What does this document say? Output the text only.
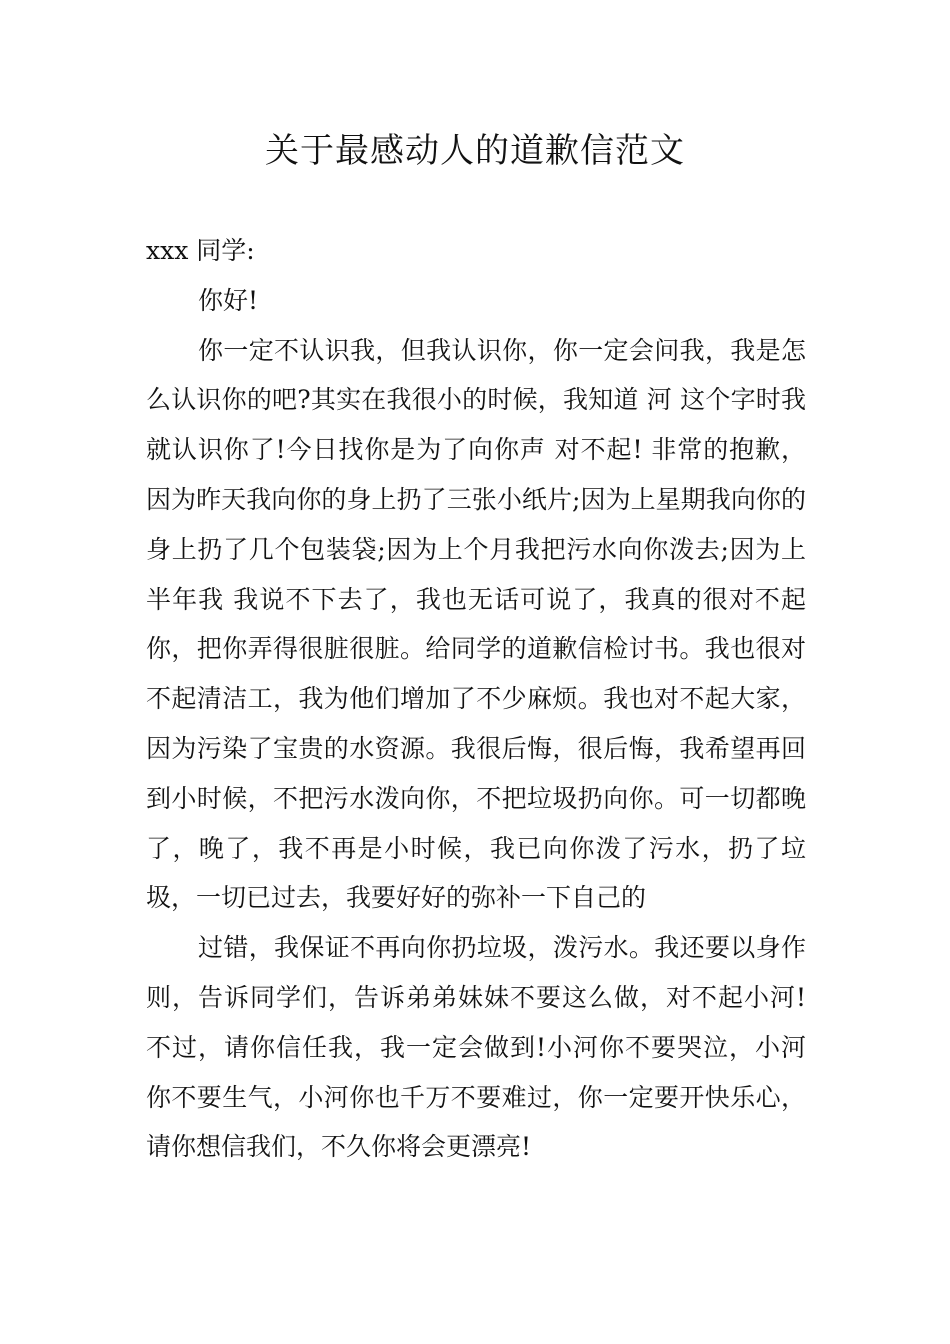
关于最感动人的道歉信范文

xxx 同学:

你好!

你一定不认识我，但我认识你，你一定会问我，我是怎么认识你的吧?其实在我很小的时候，我知道 河 这个字时我就认识你了!今日找你是为了向你声 对不起! 非常的抱歉，因为昨天我向你的身上扔了三张小纸片;因为上星期我向你的身上扔了几个包装袋;因为上个月我把污水向你泼去;因为上半年我 我说不下去了，我也无话可说了，我真的很对不起你，把你弄得很脏很脏。给同学的道歉信检讨书。我也很对不起清洁工，我为他们增加了不少麻烦。我也对不起大家，因为污染了宝贵的水资源。我很后悔，很后悔，我希望再回到小时候，不把污水泼向你，不把垃圾扔向你。可一切都晚了，晚了，我不再是小时候，我已向你泼了污水，扔了垃圾，一切已过去，我要好好的弥补一下自己的

过错，我保证不再向你扔垃圾，泼污水。我还要以身作则，告诉同学们，告诉弟弟妹妹不要这么做，对不起小河!不过，请你信任我，我一定会做到!小河你不要哭泣，小河你不要生气，小河你也千万不要难过，你一定要开快乐心，请你想信我们，不久你将会更漂亮!
